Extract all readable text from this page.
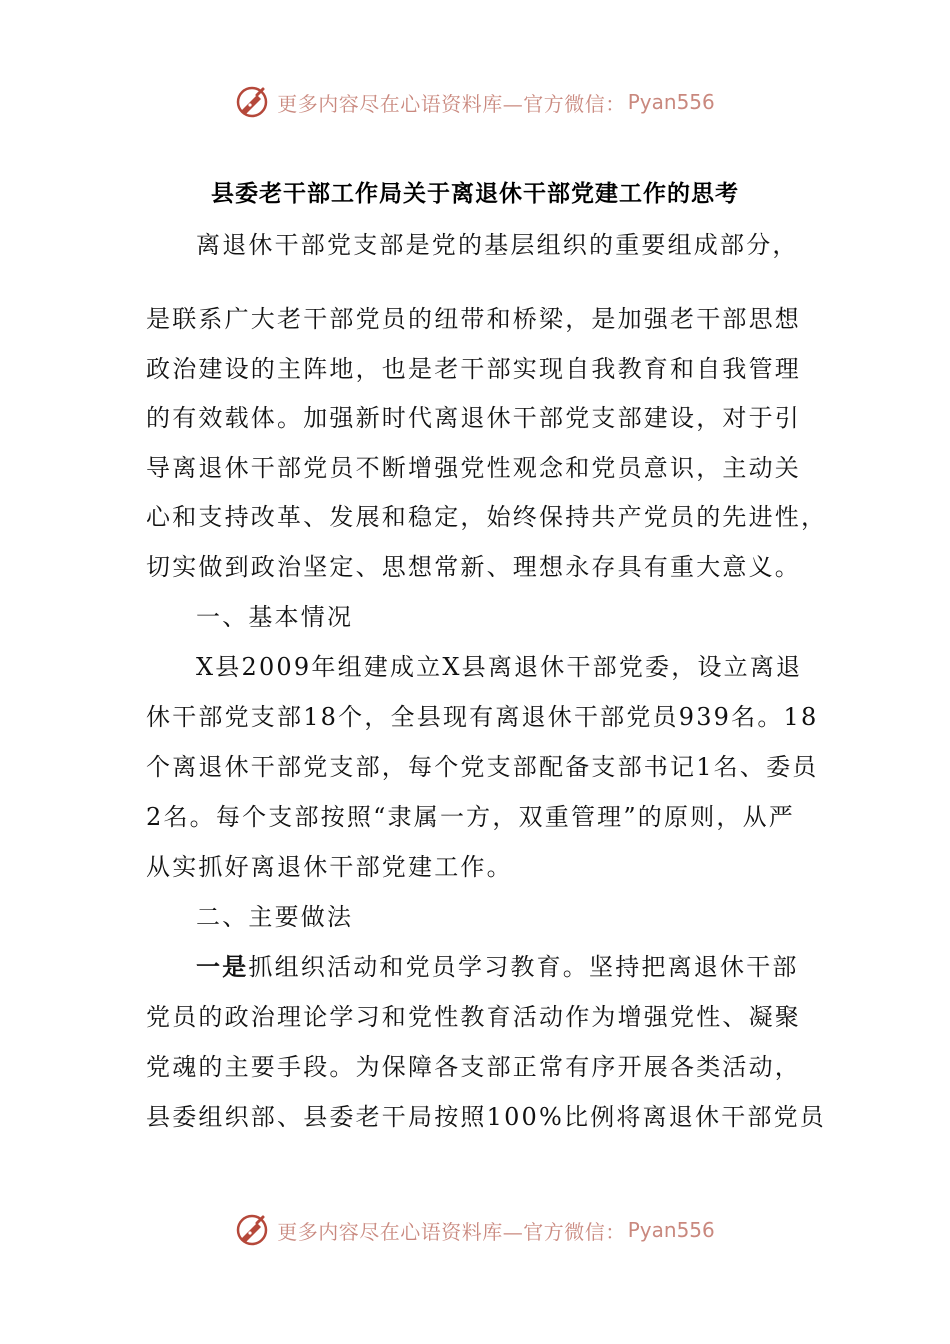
更多内容尽在心语资料库—官方微信： Pyan556
县委老干部工作局关于离退休干部党建工作的思考
离退休干部党支部是党的基层组织的重要组成部分，
是联系广大老干部党员的纽带和桥梁，是加强老干部思想
政治建设的主阵地，也是老干部实现自我教育和自我管理
的有效载体。加强新时代离退休干部党支部建设，对于引
导离退休干部党员不断增强党性观念和党员意识，主动关
心和支持改革、发展和稳定，始终保持共产党员的先进性，
切实做到政治坚定、思想常新、理想永存具有重大意义。
一、基本情况
X县2009年组建成立X县离退休干部党委，设立离退
休干部党支部18个，全县现有离退休干部党员939名。18
个离退休干部党支部，每个党支部配备支部书记1名、委员
2名。每个支部按照“隶属一方，双重管理”的原则，从严
从实抓好离退休干部党建工作。
二、主要做法
一是抓组织活动和党员学习教育。坚持把离退休干部
党员的政治理论学习和党性教育活动作为增强党性、凝聚
党魂的主要手段。为保障各支部正常有序开展各类活动，
县委组织部、县委老干局按照100%比例将离退休干部党员
更多内容尽在心语资料库—官方微信： Pyan556
